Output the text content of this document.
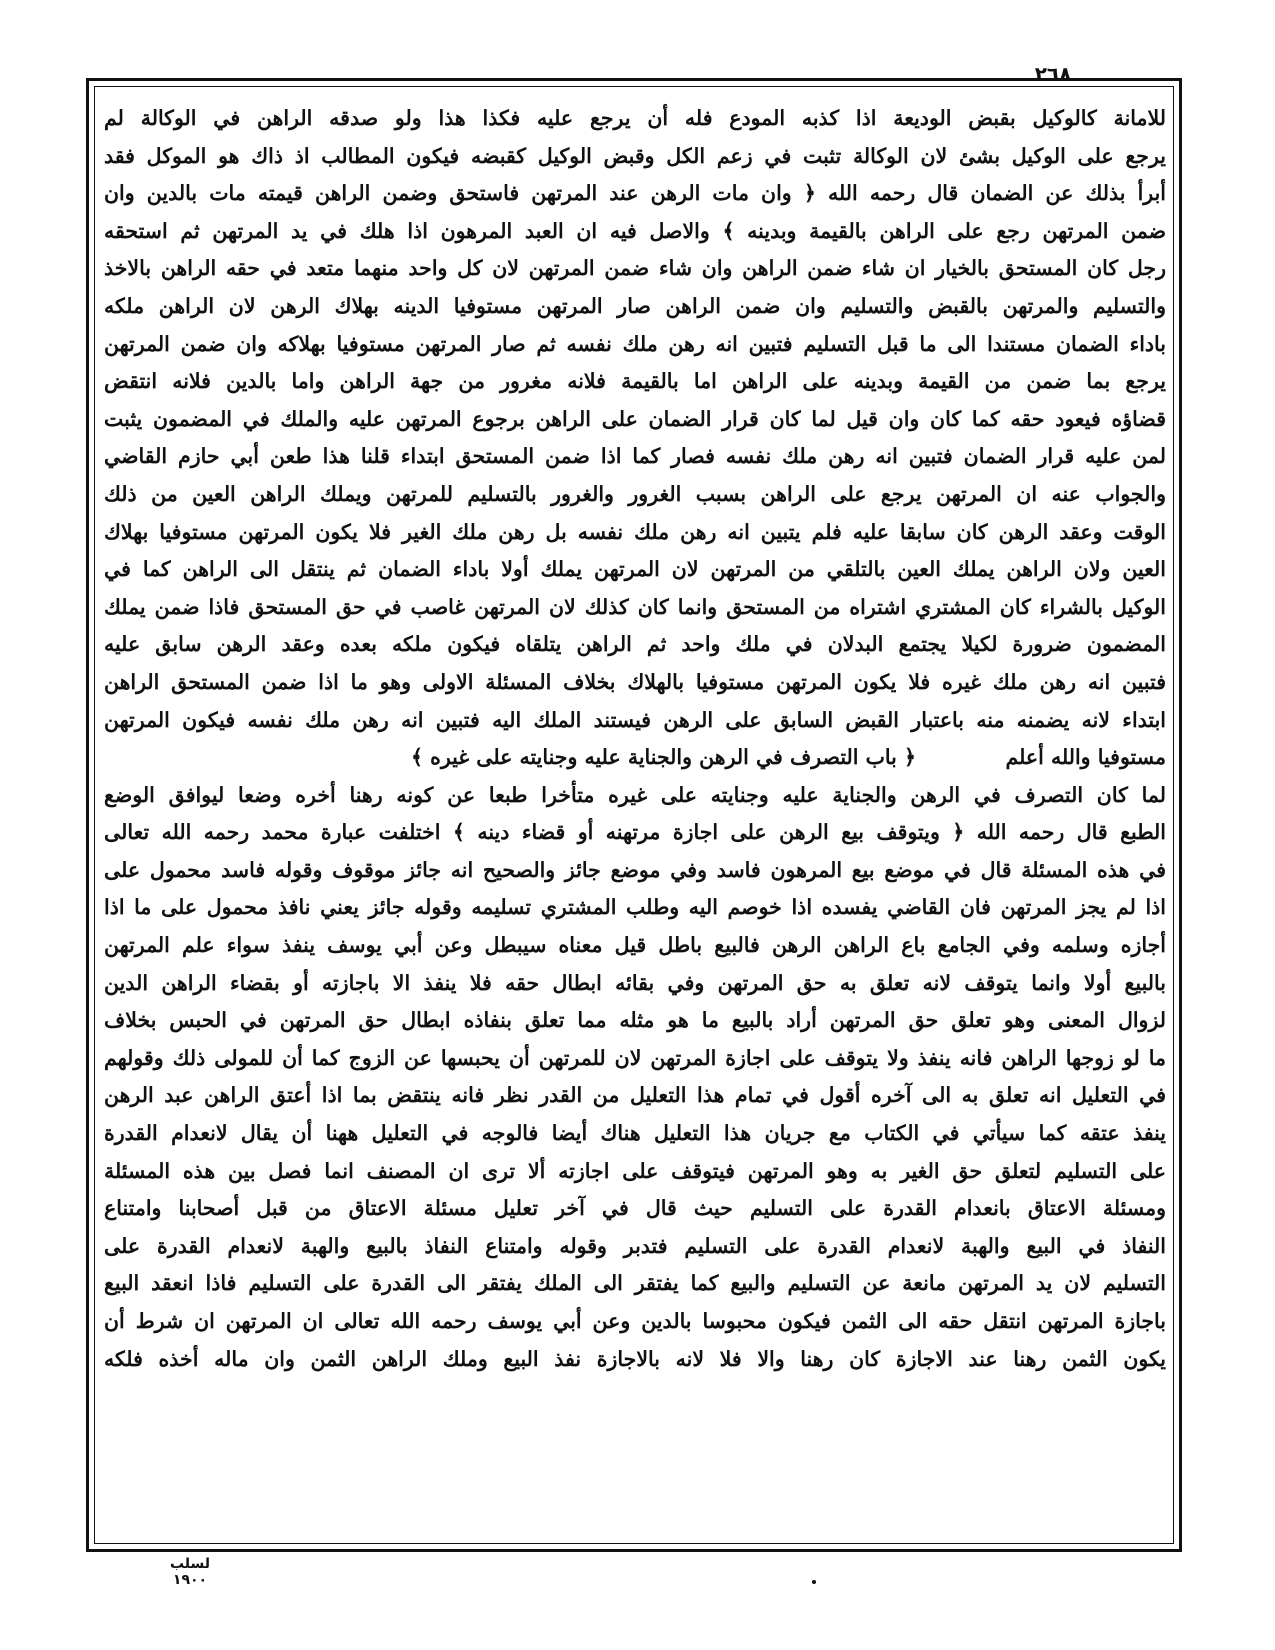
٢٦٨
للامانة كالوكيل بقبض الوديعة اذا كذبه المودع فله أن يرجع عليه فكذا هذا ولو صدقه الراهن في الوكالة لم
يرجع على الوكيل بشئ لان الوكالة تثبت في زعم الكل وقبض الوكيل كقبضه فيكون المطالب اذ ذاك هو الموكل فقد
أبرأ بذلك عن الضمان قال رحمه الله ﴿ وان مات الرهن عند المرتهن فاستحق وضمن الراهن قيمته مات بالدين وان
ضمن المرتهن رجع على الراهن بالقيمة وبدينه ﴾ والاصل فيه ان العبد المرهون اذا هلك في يد المرتهن ثم استحقه
رجل كان المستحق بالخيار ان شاء ضمن الراهن وان شاء ضمن المرتهن لان كل واحد منهما متعد في حقه الراهن بالاخذ
والتسليم والمرتهن بالقبض والتسليم وان ضمن الراهن صار المرتهن مستوفيا الدينه بهلاك الرهن لان الراهن ملكه
باداء الضمان مستندا الى ما قبل التسليم فتبين انه رهن ملك نفسه ثم صار المرتهن مستوفيا بهلاكه وان ضمن المرتهن
يرجع بما ضمن من القيمة وبدينه على الراهن اما بالقيمة فلانه مغرور من جهة الراهن واما بالدين فلانه انتقض
قضاؤه فيعود حقه كما كان وان قيل لما كان قرار الضمان على الراهن برجوع المرتهن عليه والملك في المضمون يثبت
لمن عليه قرار الضمان فتبين انه رهن ملك نفسه فصار كما اذا ضمن المستحق ابتداء قلنا هذا طعن أبي حازم القاضي
والجواب عنه ان المرتهن يرجع على الراهن بسبب الغرور والغرور بالتسليم للمرتهن ويملك الراهن العين من ذلك
الوقت وعقد الرهن كان سابقا عليه فلم يتبين انه رهن ملك نفسه بل رهن ملك الغير فلا يكون المرتهن مستوفيا بهلاك
العين ولان الراهن يملك العين بالتلقي من المرتهن لان المرتهن يملك أولا باداء الضمان ثم ينتقل الى الراهن كما في
الوكيل بالشراء كان المشتري اشتراه من المستحق وانما كان كذلك لان المرتهن غاصب في حق المستحق فاذا ضمن يملك
المضمون ضرورة لكيلا يجتمع البدلان في ملك واحد ثم الراهن يتلقاه فيكون ملكه بعده وعقد الرهن سابق عليه
فتبين انه رهن ملك غيره فلا يكون المرتهن مستوفيا بالهلاك بخلاف المسئلة الاولى وهو ما اذا ضمن المستحق الراهن
ابتداء لانه يضمنه منه باعتبار القبض السابق على الرهن فيستند الملك اليه فتبين انه رهن ملك نفسه فيكون المرتهن
مستوفيا والله أعلم
﴿ باب التصرف في الرهن والجناية عليه وجنايته على غيره ﴾
لما كان التصرف في الرهن والجناية عليه وجنايته على غيره متأخرا طبعا عن كونه رهنا أخره وضعا ليوافق الوضع
الطبع قال رحمه الله ﴿ ويتوقف بيع الرهن على اجازة مرتهنه أو قضاء دينه ﴾ اختلفت عبارة محمد رحمه الله تعالى
في هذه المسئلة قال في موضع بيع المرهون فاسد وفي موضع جائز والصحيح انه جائز موقوف وقوله فاسد محمول على
اذا لم يجز المرتهن فان القاضي يفسده اذا خوصم اليه وطلب المشتري تسليمه وقوله جائز يعني نافذ محمول على ما اذا
أجازه وسلمه وفي الجامع باع الراهن الرهن فالبيع باطل قيل معناه سيبطل وعن أبي يوسف ينفذ سواء علم المرتهن
بالبيع أولا وانما يتوقف لانه تعلق به حق المرتهن وفي بقائه ابطال حقه فلا ينفذ الا باجازته أو بقضاء الراهن الدين
لزوال المعنى وهو تعلق حق المرتهن أراد بالبيع ما هو مثله مما تعلق بنفاذه ابطال حق المرتهن في الحبس بخلاف
ما لو زوجها الراهن فانه ينفذ ولا يتوقف على اجازة المرتهن لان للمرتهن أن يحبسها عن الزوج كما أن للمولى ذلك وقولهم
في التعليل انه تعلق به الى آخره أقول في تمام هذا التعليل من القدر نظر فانه ينتقض بما اذا أعتق الراهن عبد الرهن
ينفذ عتقه كما سيأتي في الكتاب مع جريان هذا التعليل هناك أيضا فالوجه في التعليل ههنا أن يقال لانعدام القدرة
على التسليم لتعلق حق الغير به وهو المرتهن فيتوقف على اجازته ألا ترى ان المصنف انما فصل بين هذه المسئلة
ومسئلة الاعتاق بانعدام القدرة على التسليم حيث قال في آخر تعليل مسئلة الاعتاق من قبل أصحابنا وامتناع
النفاذ في البيع والهبة لانعدام القدرة على التسليم فتدبر وقوله وامتناع النفاذ بالبيع والهبة لانعدام القدرة على
التسليم لان يد المرتهن مانعة عن التسليم والبيع كما يفتقر الى الملك يفتقر الى القدرة على التسليم فاذا انعقد البيع
باجازة المرتهن انتقل حقه الى الثمن فيكون محبوسا بالدين وعن أبي يوسف رحمه الله تعالى ان المرتهن ان شرط أن
يكون الثمن رهنا عند الاجازة كان رهنا والا فلا لانه بالاجازة نفذ البيع وملك الراهن الثمن وان ماله أخذه فلكه
لسلب
١٩٠٠
